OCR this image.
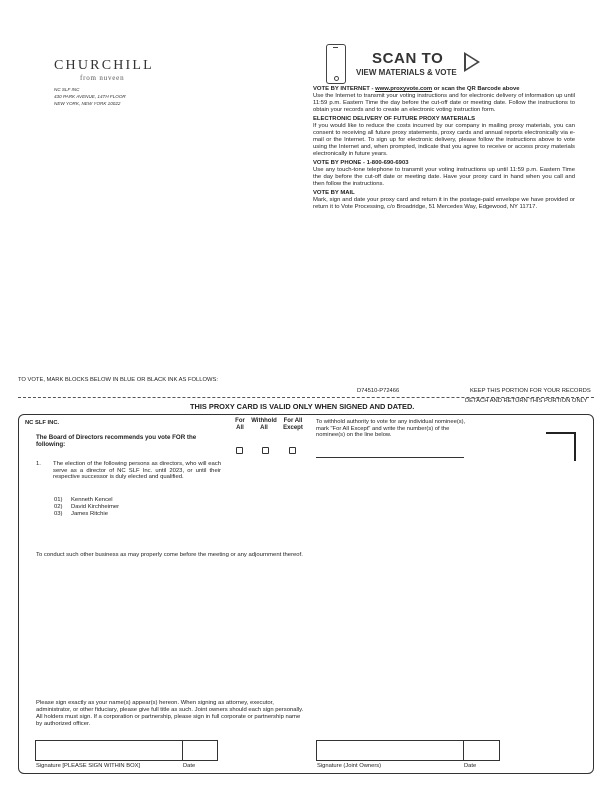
CHURCHILL
from nuveen
NC SLF INC
430 PARK AVENUE, 14TH FLOOR
NEW YORK, NEW YORK 10022
SCAN TO
VIEW MATERIALS & VOTE
VOTE BY INTERNET - www.proxyvote.com or scan the QR Barcode above

Use the Internet to transmit your voting instructions and for electronic delivery of information up until 11:59 p.m. Eastern Time the day before the cut-off date or meeting date. Follow the instructions to obtain your records and to create an electronic voting instruction form.

ELECTRONIC DELIVERY OF FUTURE PROXY MATERIALS

If you would like to reduce the costs incurred by our company in mailing proxy materials, you can consent to receiving all future proxy statements, proxy cards and annual reports electronically via e-mail or the Internet. To sign up for electronic delivery, please follow the instructions above to vote using the Internet and, when prompted, indicate that you agree to receive or access proxy materials electronically in future years.

VOTE BY PHONE - 1-800-690-6903

Use any touch-tone telephone to transmit your voting instructions up until 11:59 p.m. Eastern Time the day before the cut-off date or meeting date. Have your proxy card in hand when you call and then follow the instructions.

VOTE BY MAIL

Mark, sign and date your proxy card and return it in the postage-paid envelope we have provided or return it to Vote Processing, c/o Broadridge, 51 Mercedes Way, Edgewood, NY 11717.

TO VOTE, MARK BLOCKS BELOW IN BLUE OR BLACK INK AS FOLLOWS:
D74510-P72466	KEEP THIS PORTION FOR YOUR RECORDS
DETACH AND RETURN THIS PORTION ONLY
THIS PROXY CARD IS VALID ONLY WHEN SIGNED AND DATED.
NC SLF INC.
The Board of Directors recommends you vote FOR the following:
For
All
Withhold
All
For All
Except
To withhold authority to vote for any individual nominee(s), mark "For All Except" and write the number(s) of the nominee(s) on the line below.
1. The election of the following persons as directors, who will each serve as a director of NC SLF Inc. until 2023, or until their respective successor is duly elected and qualified.
01)	Kenneth Kencel
02)	David Kirchheimer
03)	James Ritchie
To conduct such other business as may properly come before the meeting or any adjournment thereof.
Please sign exactly as your name(s) appear(s) hereon. When signing as attorney, executor, administrator, or other fiduciary, please give full title as such. Joint owners should each sign personally. All holders must sign. If a corporation or partnership, please sign in full corporate or partnership name by authorized officer.
Signature [PLEASE SIGN WITHIN BOX]	Date	Signature (Joint Owners)	Date
